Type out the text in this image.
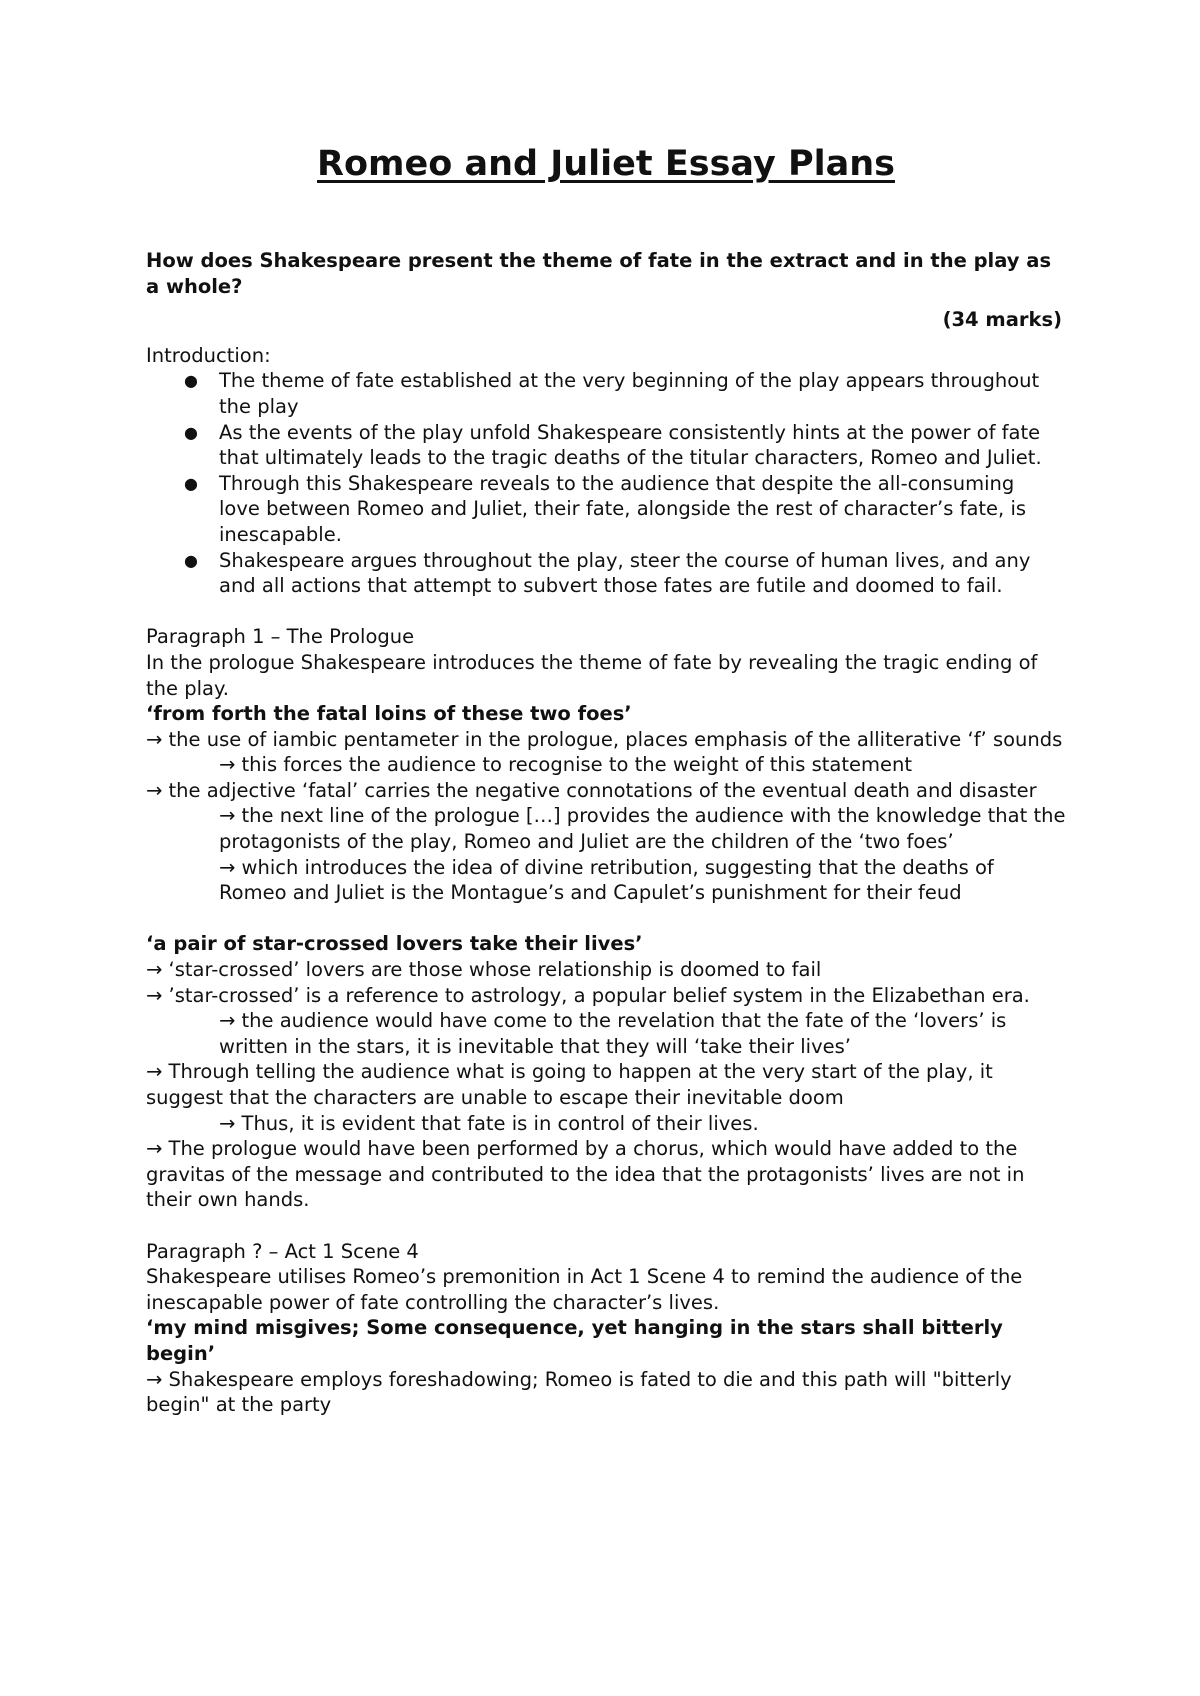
Romeo and Juliet Essay Plans

How does Shakespeare present the theme of fate in the extract and in the play as a whole?

(34 marks)

Introduction:

● The theme of fate established at the very beginning of the play appears throughout the play
● As the events of the play unfold Shakespeare consistently hints at the power of fate that ultimately leads to the tragic deaths of the titular characters, Romeo and Juliet.
● Through this Shakespeare reveals to the audience that despite the all-consuming love between Romeo and Juliet, their fate, alongside the rest of character’s fate, is inescapable.
● Shakespeare argues throughout the play, steer the course of human lives, and any and all actions that attempt to subvert those fates are futile and doomed to fail.

Paragraph 1 – The Prologue

In the prologue Shakespeare introduces the theme of fate by revealing the tragic ending of the play.

‘from forth the fatal loins of these two foes’

→ the use of iambic pentameter in the prologue, places emphasis of the alliterative ‘f’ sounds

→ this forces the audience to recognise to the weight of this statement

→ the adjective ‘fatal’ carries the negative connotations of the eventual death and disaster

→ the next line of the prologue […] provides the audience with the knowledge that the protagonists of the play, Romeo and Juliet are the children of the ‘two foes’

→ which introduces the idea of divine retribution, suggesting that the deaths of Romeo and Juliet is the Montague’s and Capulet’s punishment for their feud

‘a pair of star-crossed lovers take their lives’

→ ‘star-crossed’ lovers are those whose relationship is doomed to fail

→ ’star-crossed’ is a reference to astrology, a popular belief system in the Elizabethan era.

→ the audience would have come to the revelation that the fate of the ‘lovers’ is written in the stars, it is inevitable that they will ‘take their lives’

→ Through telling the audience what is going to happen at the very start of the play, it suggest that the characters are unable to escape their inevitable doom

→ Thus, it is evident that fate is in control of their lives.

→ The prologue would have been performed by a chorus, which would have added to the gravitas of the message and contributed to the idea that the protagonists’ lives are not in their own hands.

Paragraph ? – Act 1 Scene 4

Shakespeare utilises Romeo’s premonition in Act 1 Scene 4 to remind the audience of the inescapable power of fate controlling the character’s lives.

‘my mind misgives; Some consequence, yet hanging in the stars shall bitterly begin’

→ Shakespeare employs foreshadowing; Romeo is fated to die and this path will "bitterly begin" at the party
